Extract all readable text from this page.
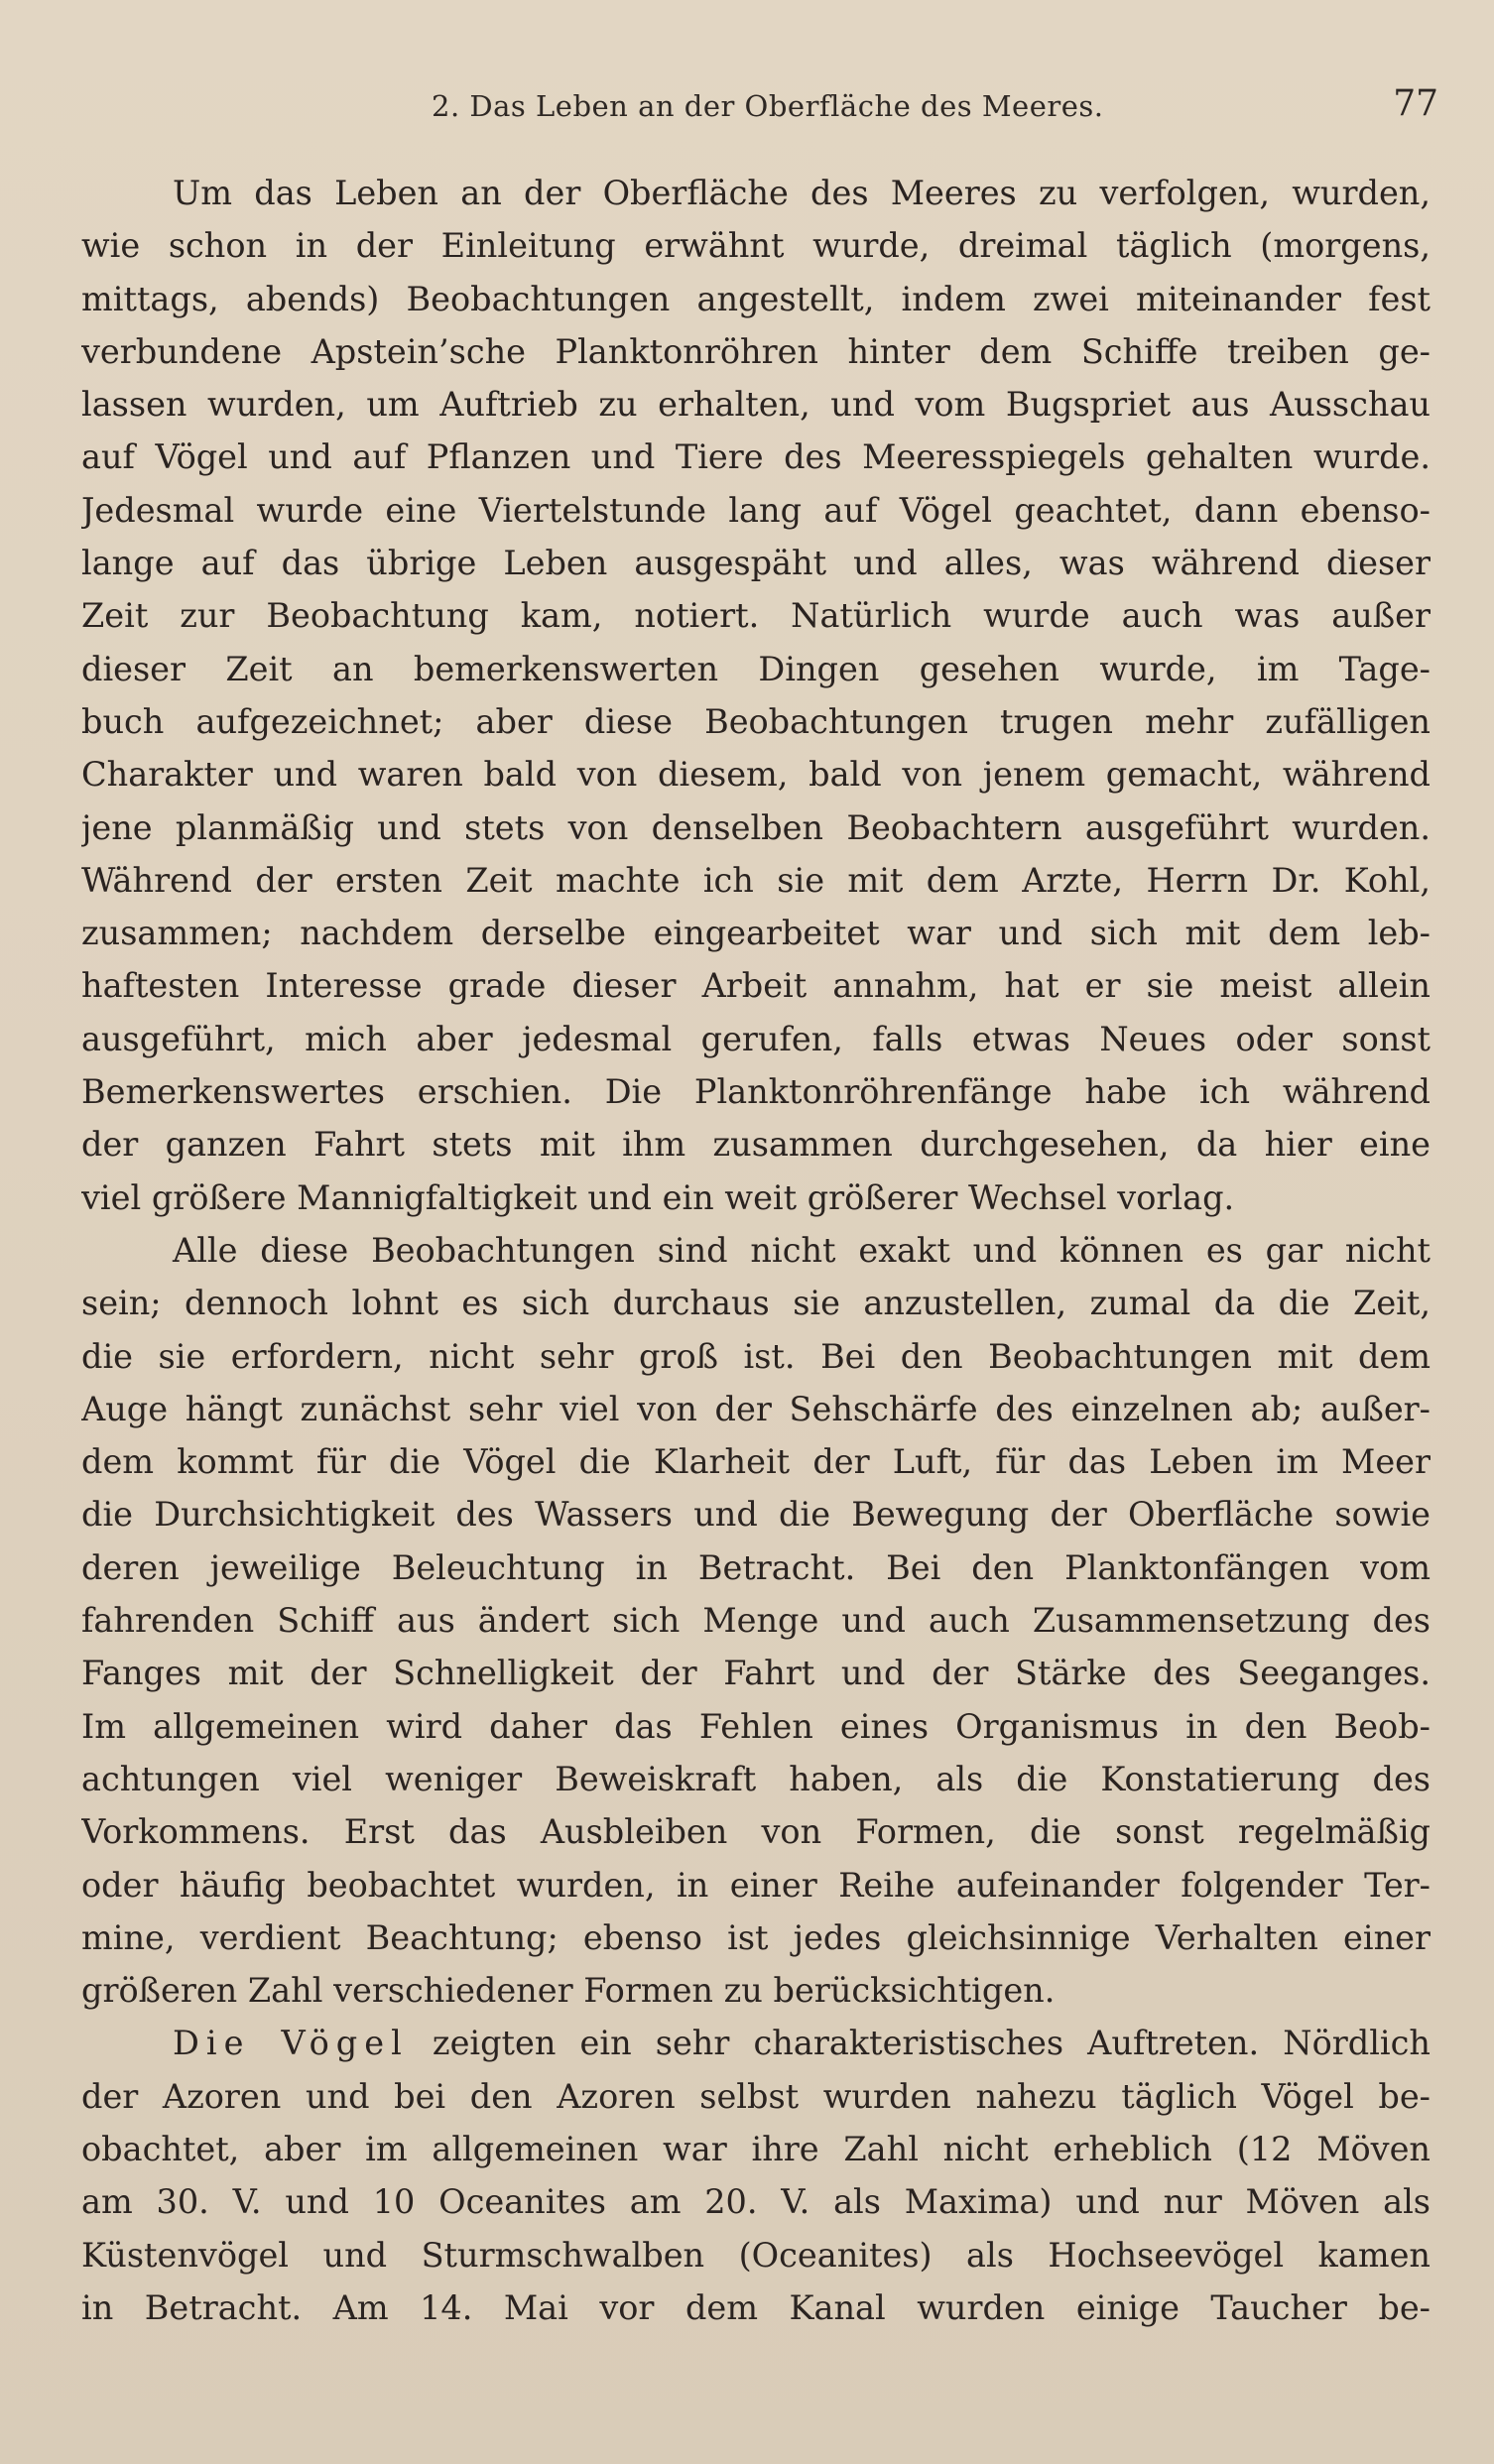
2. Das Leben an der Oberfläche des Meeres.	77
Um das Leben an der Oberfläche des Meeres zu verfolgen, wurden,
wie schon in der Einleitung erwähnt wurde, dreimal täglich (morgens,
mittags, abends) Beobachtungen angestellt, indem zwei miteinander fest
verbundene Apstein’sche Planktonröhren hinter dem Schiffe treiben ge-
lassen wurden, um Auftrieb zu erhalten, und vom Bugspriet aus Ausschau
auf Vögel und auf Pflanzen und Tiere des Meeresspiegels gehalten wurde.
Jedesmal wurde eine Viertelstunde lang auf Vögel geachtet, dann ebenso-
lange auf das übrige Leben ausgespäht und alles, was während dieser
Zeit zur Beobachtung kam, notiert. Natürlich wurde auch was außer
dieser Zeit an bemerkenswerten Dingen gesehen wurde, im Tage-
buch aufgezeichnet; aber diese Beobachtungen trugen mehr zufälligen
Charakter und waren bald von diesem, bald von jenem gemacht, während
jene planmäßig und stets von denselben Beobachtern ausgeführt wurden.
Während der ersten Zeit machte ich sie mit dem Arzte, Herrn Dr. Kohl,
zusammen; nachdem derselbe eingearbeitet war und sich mit dem leb-
haftesten Interesse grade dieser Arbeit annahm, hat er sie meist allein
ausgeführt, mich aber jedesmal gerufen, falls etwas Neues oder sonst
Bemerkenswertes erschien. Die Planktonröhrenfänge habe ich während
der ganzen Fahrt stets mit ihm zusammen durchgesehen, da hier eine
viel größere Mannigfaltigkeit und ein weit größerer Wechsel vorlag.
Alle diese Beobachtungen sind nicht exakt und können es gar nicht
sein; dennoch lohnt es sich durchaus sie anzustellen, zumal da die Zeit,
die sie erfordern, nicht sehr groß ist. Bei den Beobachtungen mit dem
Auge hängt zunächst sehr viel von der Sehschärfe des einzelnen ab; außer-
dem kommt für die Vögel die Klarheit der Luft, für das Leben im Meer
die Durchsichtigkeit des Wassers und die Bewegung der Oberfläche sowie
deren jeweilige Beleuchtung in Betracht. Bei den Planktonfängen vom
fahrenden Schiff aus ändert sich Menge und auch Zusammensetzung des
Fanges mit der Schnelligkeit der Fahrt und der Stärke des Seeganges.
Im allgemeinen wird daher das Fehlen eines Organismus in den Beob-
achtungen viel weniger Beweiskraft haben, als die Konstatierung des
Vorkommens. Erst das Ausbleiben von Formen, die sonst regelmäßig
oder häufig beobachtet wurden, in einer Reihe aufeinander folgender Ter-
mine, verdient Beachtung; ebenso ist jedes gleichsinnige Verhalten einer
größeren Zahl verschiedener Formen zu berücksichtigen.
Die Vögel zeigten ein sehr charakteristisches Auftreten. Nördlich
der Azoren und bei den Azoren selbst wurden nahezu täglich Vögel be-
obachtet, aber im allgemeinen war ihre Zahl nicht erheblich (12 Möven
am 30. V. und 10 Oceanites am 20. V. als Maxima) und nur Möven als
Küstenvögel und Sturmschwalben (Oceanites) als Hochseevögel kamen
in Betracht. Am 14. Mai vor dem Kanal wurden einige Taucher be-
